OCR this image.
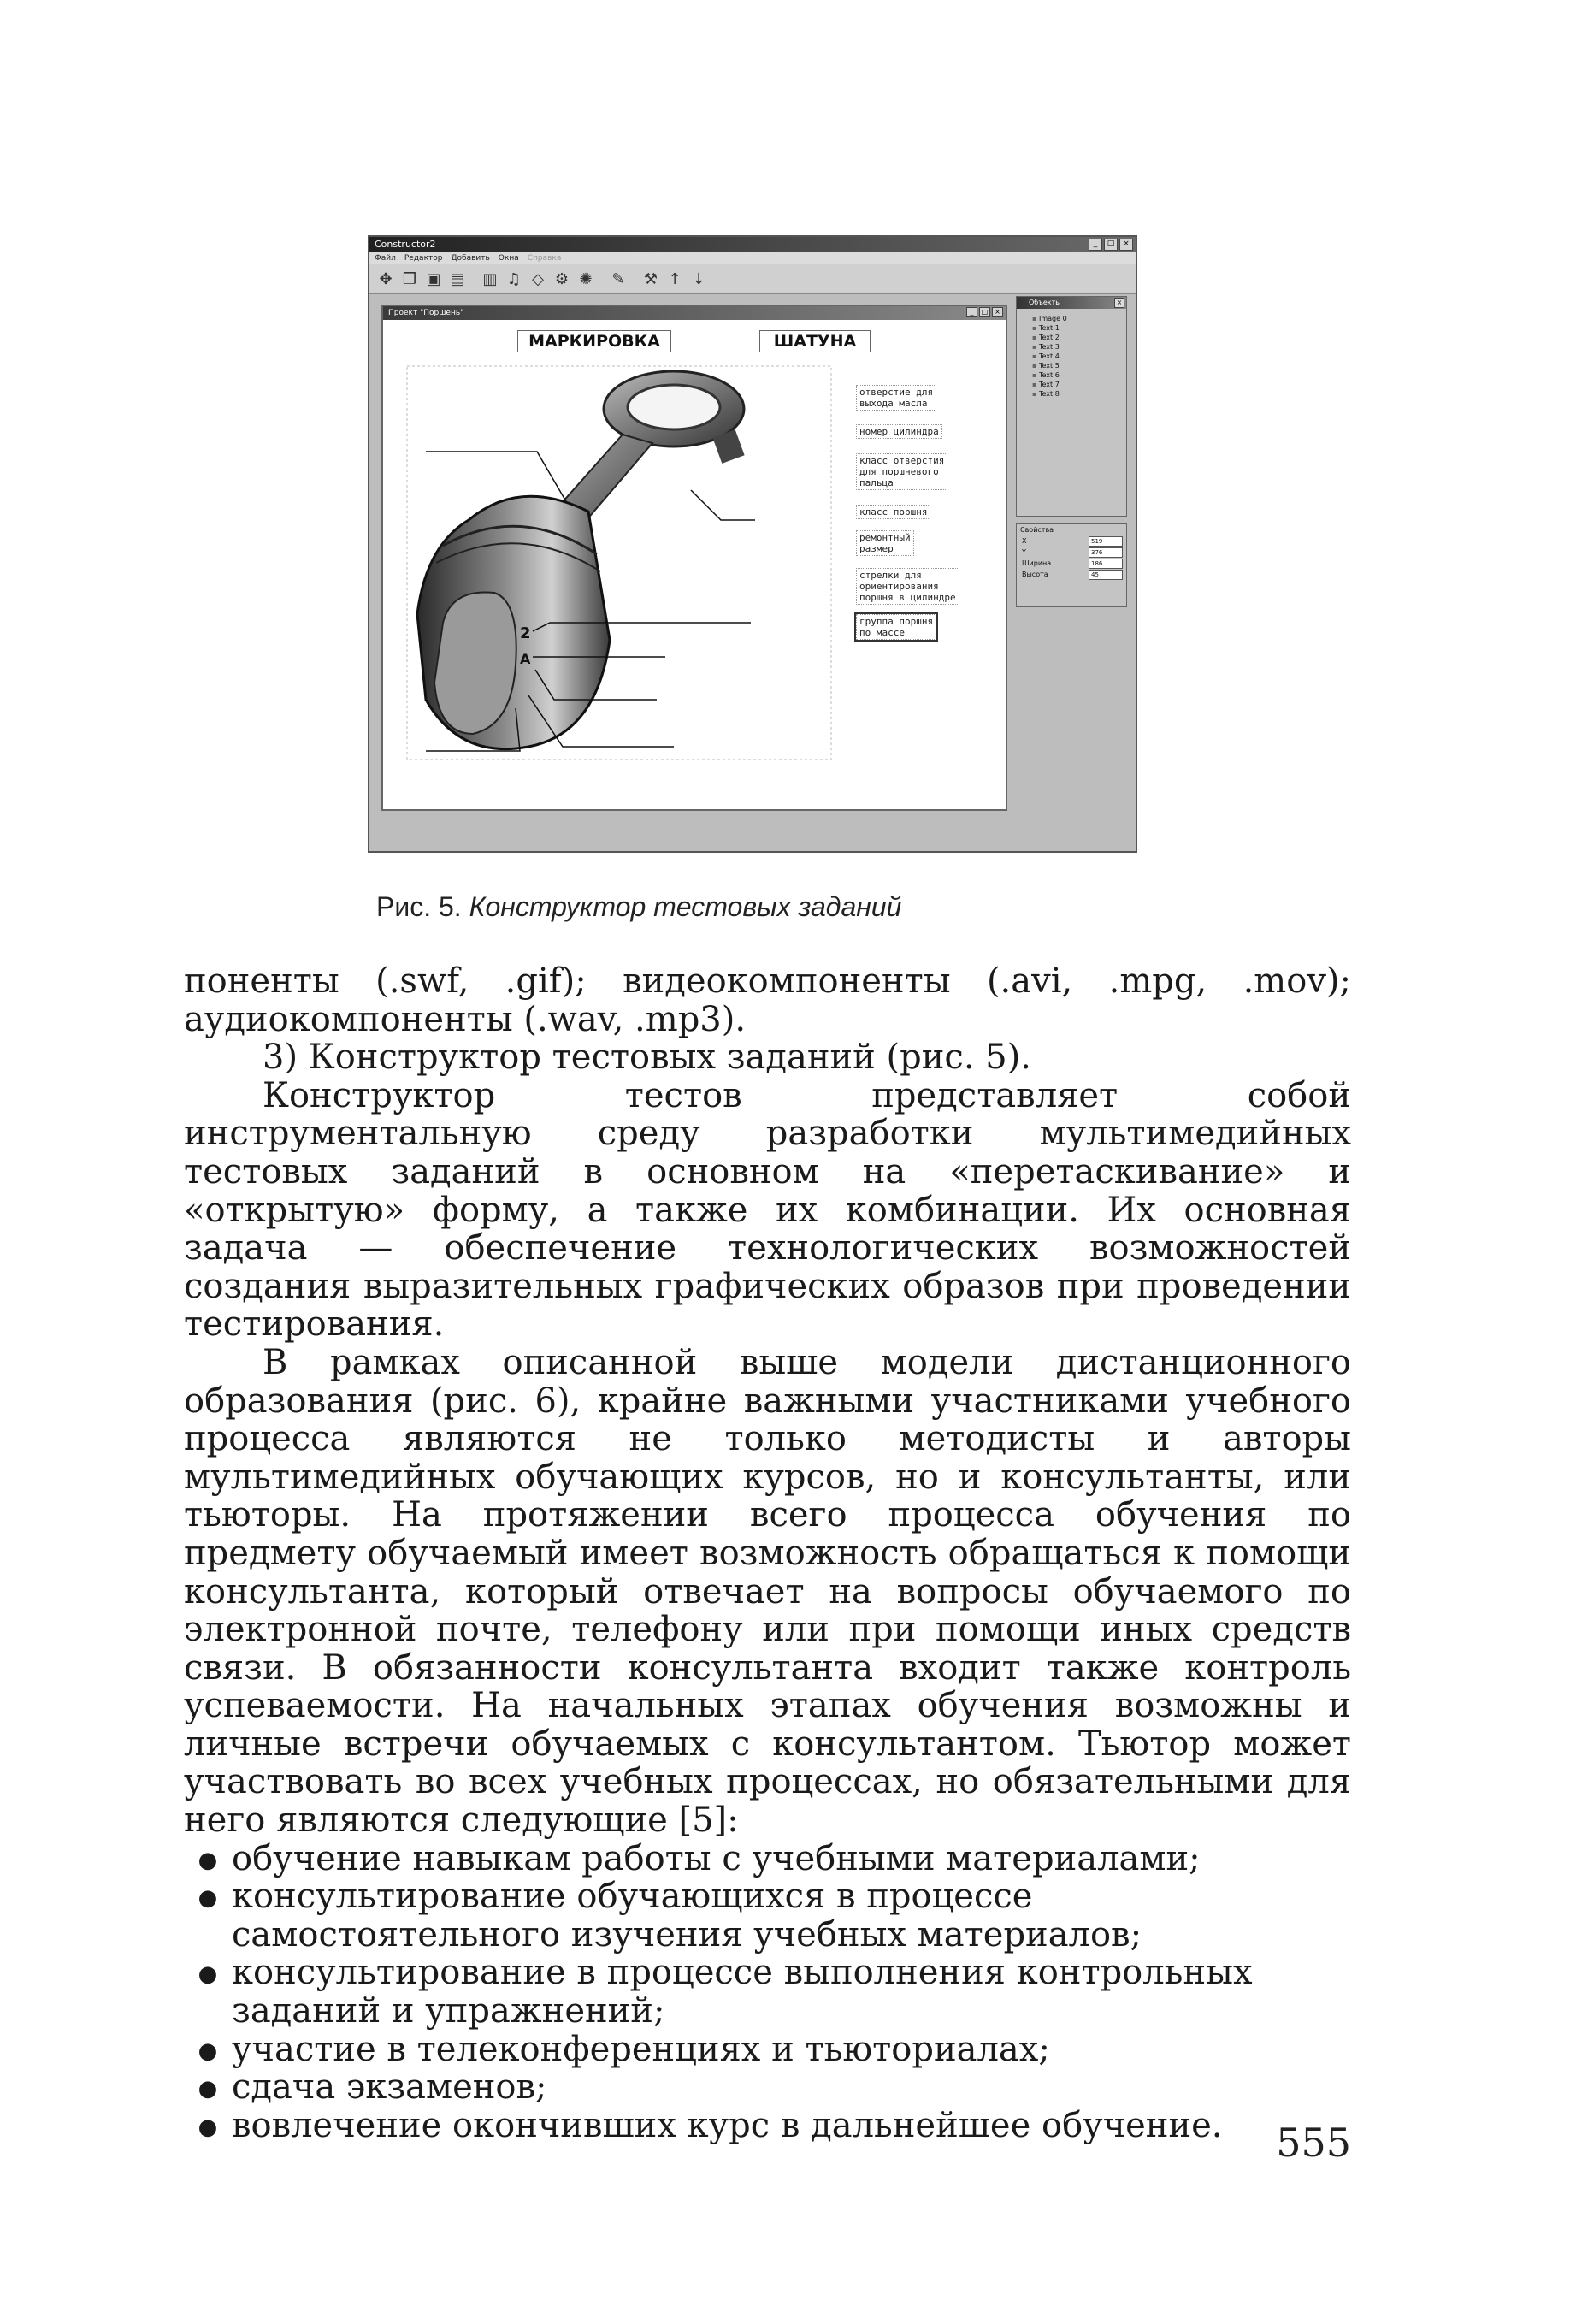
Constructor2	_	□	×
Файл Редактор Добавить Окна Справка
✥ ❒ ▣ ▤ ▥ ♫ ◇ ⚙ ✺ ✎ ⚒ ↑ ↓
Проект "Поршень"	_	□ ×
МАРКИРОВКА	ШАТУНА
2
A
отверстие для
выхода масла
номер цилиндра
класс отверстия
для поршневого
пальца
класс поршня
ремонтный
размер
стрелки для
ориентирования
поршня в цилиндре
группа поршня
по массе
Объекты	×
▪ Image 0
▪ Text 1
▪ Text 2
▪ Text 3
▪ Text 4
▪ Text 5
▪ Text 6
▪ Text 7
▪ Text 8
Свойства
X	519
Y	376
Ширина	186
Высота	45
Рис. 5. Конструктор тестовых заданий

поненты (.swf, .gif); видеокомпоненты (.avi, .mpg, .mov); аудиокомпоненты (.wav, .mp3).

3) Конструктор тестовых заданий (рис. 5).

Конструктор тестов представляет собой инструментальную среду разработки мультимедийных тестовых заданий в основном на «перетаскивание» и «открытую» форму, а также их комбинации. Их основная задача — обеспечение технологических возможностей создания выразительных графических образов при проведении тестирования.

В рамках описанной выше модели дистанционного образования (рис. 6), крайне важными участниками учебного процесса являются не только методисты и авторы мультимедийных обучающих курсов, но и консультанты, или тьюторы. На протяжении всего процесса обучения по предмету обучаемый имеет возможность обращаться к помощи консультанта, который отвечает на вопросы обучаемого по электронной почте, телефону или при помощи иных средств связи. В обязанности консультанта входит также контроль успеваемости. На начальных этапах обучения возможны и личные встречи обучаемых с консультантом. Тьютор может участвовать во всех учебных процессах, но обязательными для него являются следующие [5]:

● обучение навыкам работы с учебными материалами;
● консультирование обучающихся в процессе самостоятельного изучения учебных материалов;
● консультирование в процессе выполнения контрольных заданий и упражнений;
● участие в телеконференциях и тьюториалах;
● сдача экзаменов;
● вовлечение окончивших курс в дальнейшее обучение.	555
